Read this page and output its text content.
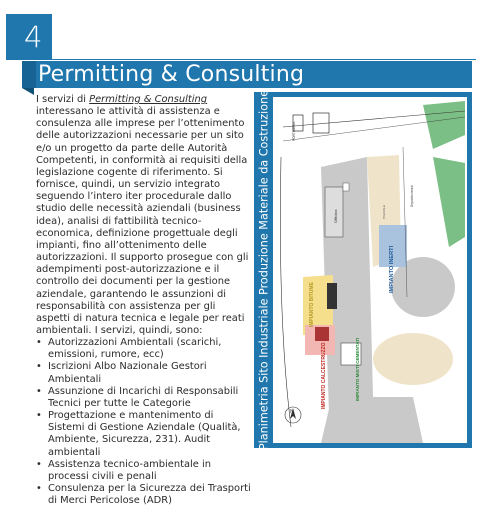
4
Permitting & Consulting

I servizi di Permitting & Consulting interessano le attività di assistenza e consulenza alle imprese per l’ottenimento delle autorizzazioni necessarie per un sito e/o un progetto da parte delle Autorità Competenti, in conformità ai requisiti della legislazione cogente di riferimento. Si fornisce, quindi, un servizio integrato seguendo l’intero iter procedurale dallo studio delle necessità aziendali (business idea), analisi di fattibilità tecnico-economica, definizione progettuale degli impianti, fino all’ottenimento delle autorizzazioni. Il supporto prosegue con gli adempimenti post-autorizzazione e il controllo dei documenti per la gestione aziendale, garantendo le assunzioni di responsabilità con assistenza per gli aspetti di natura tecnica e legale per reati ambientali. I servizi, quindi, sono:

• Autorizzazioni Ambientali (scarichi, emissioni, rumore, ecc)
• Iscrizioni Albo Nazionale Gestori Ambientali
• Assunzione di Incarichi di Responsabili Tecnici per tutte le Categorie
• Progettazione e mantenimento di Sistemi di Gestione Aziendale (Qualità, Ambiente, Sicurezza, 231). Audit ambientali
• Assistenza tecnico-ambientale in processi civili e penali
• Consulenza per la Sicurezza dei Trasporti di Merci Pericolose (ADR)
Planimetria Sito Industriale Produzione Materiale da Costruzione	PORTINERIA
Officina
Deposito mezzi
PIAZZALE
IMPIANTO INERTI
IMPIANTO BITUME
IMPIANTO CALCESTRUZZO	IMPIANTO MISTI CEMENTATI
N
